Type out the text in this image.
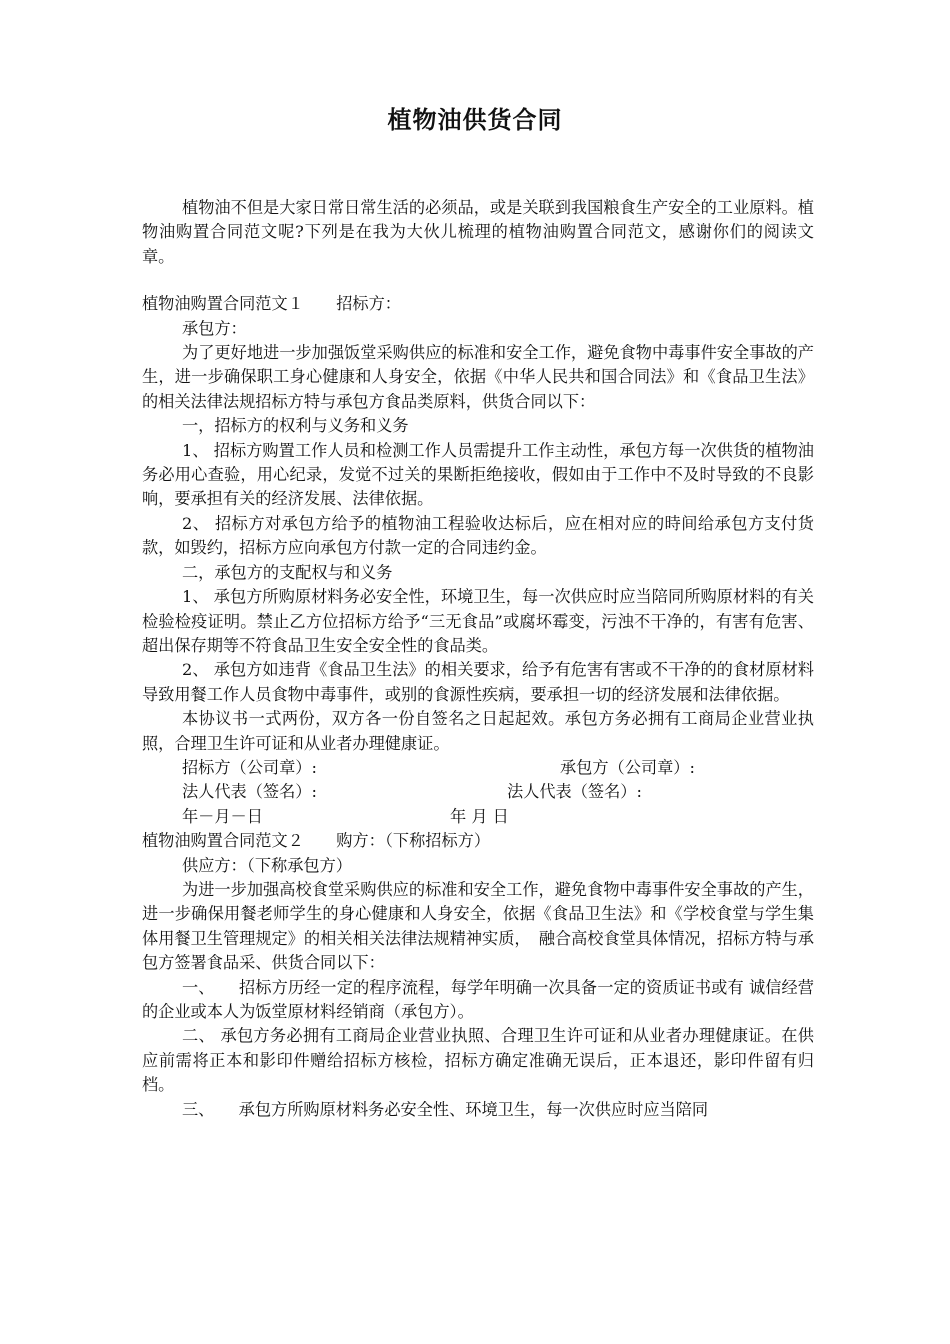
植物油供货合同

植物油不但是大家日常日常生活的必须品，或是关联到我国粮食生产安全的工业原料。植物油购置合同范文呢?下列是在我为大伙儿梳理的植物油购置合同范文，感谢你们的阅读文章。

植物油购置合同范文１　　招标方：

承包方：

为了更好地进一步加强饭堂采购供应的标准和安全工作，避免食物中毒事件安全事故的产生，进一步确保职工身心健康和人身安全，依据《中华人民共和国合同法》和《食品卫生法》的相关法律法规招标方特与承包方食品类原料，供货合同以下：

一，招标方的权利与义务和义务

1、 招标方购置工作人员和检测工作人员需提升工作主动性，承包方每一次供货的植物油务必用心查验，用心纪录，发觉不过关的果断拒绝接收，假如由于工作中不及时导致的不良影响，要承担有关的经济发展、法律依据。

2、 招标方对承包方给予的植物油工程验收达标后，应在相对应的時间给承包方支付货款，如毁约，招标方应向承包方付款一定的合同违约金。

二，承包方的支配权与和义务

1、 承包方所购原材料务必安全性，环境卫生，每一次供应时应当陪同所购原材料的有关检验检疫证明。禁止乙方位招标方给予“三无食品”或腐坏霉变，污浊不干净的，有害有危害、超出保存期等不符食品卫生安全安全性的食品类。

2、 承包方如违背《食品卫生法》的相关要求，给予有危害有害或不干净的的食材原材料导致用餐工作人员食物中毒事件，或别的食源性疾病，要承担一切的经济发展和法律依据。

本协议书一式两份，双方各一份自签名之日起起效。承包方务必拥有工商局企业营业执照，合理卫生许可证和从业者办理健康证。

招标方（公司章）:	承包方（公司章）:

法人代表（签名）:	法人代表（签名）:

年－月－日	年 月 日

植物油购置合同范文２　　购方：（下称招标方）

供应方：（下称承包方）

为进一步加强高校食堂采购供应的标准和安全工作，避免食物中毒事件安全事故的产生，进一步确保用餐老师学生的身心健康和人身安全，依据《食品卫生法》和《学校食堂与学生集体用餐卫生管理规定》的相关相关法律法规精神实质，　融合高校食堂具体情况，招标方特与承包方签署食品采、供货合同以下：

一、　　招标方历经一定的程序流程，每学年明确一次具备一定的资质证书或有 诚信经营的企业或本人为饭堂原材料经销商（承包方）。

二、 承包方务必拥有工商局企业营业执照、合理卫生许可证和从业者办理健康证。在供应前需将正本和影印件赠给招标方核检，招标方确定准确无误后，正本退还，影印件留有归档。

三、　　承包方所购原材料务必安全性、环境卫生，每一次供应时应当陪同
